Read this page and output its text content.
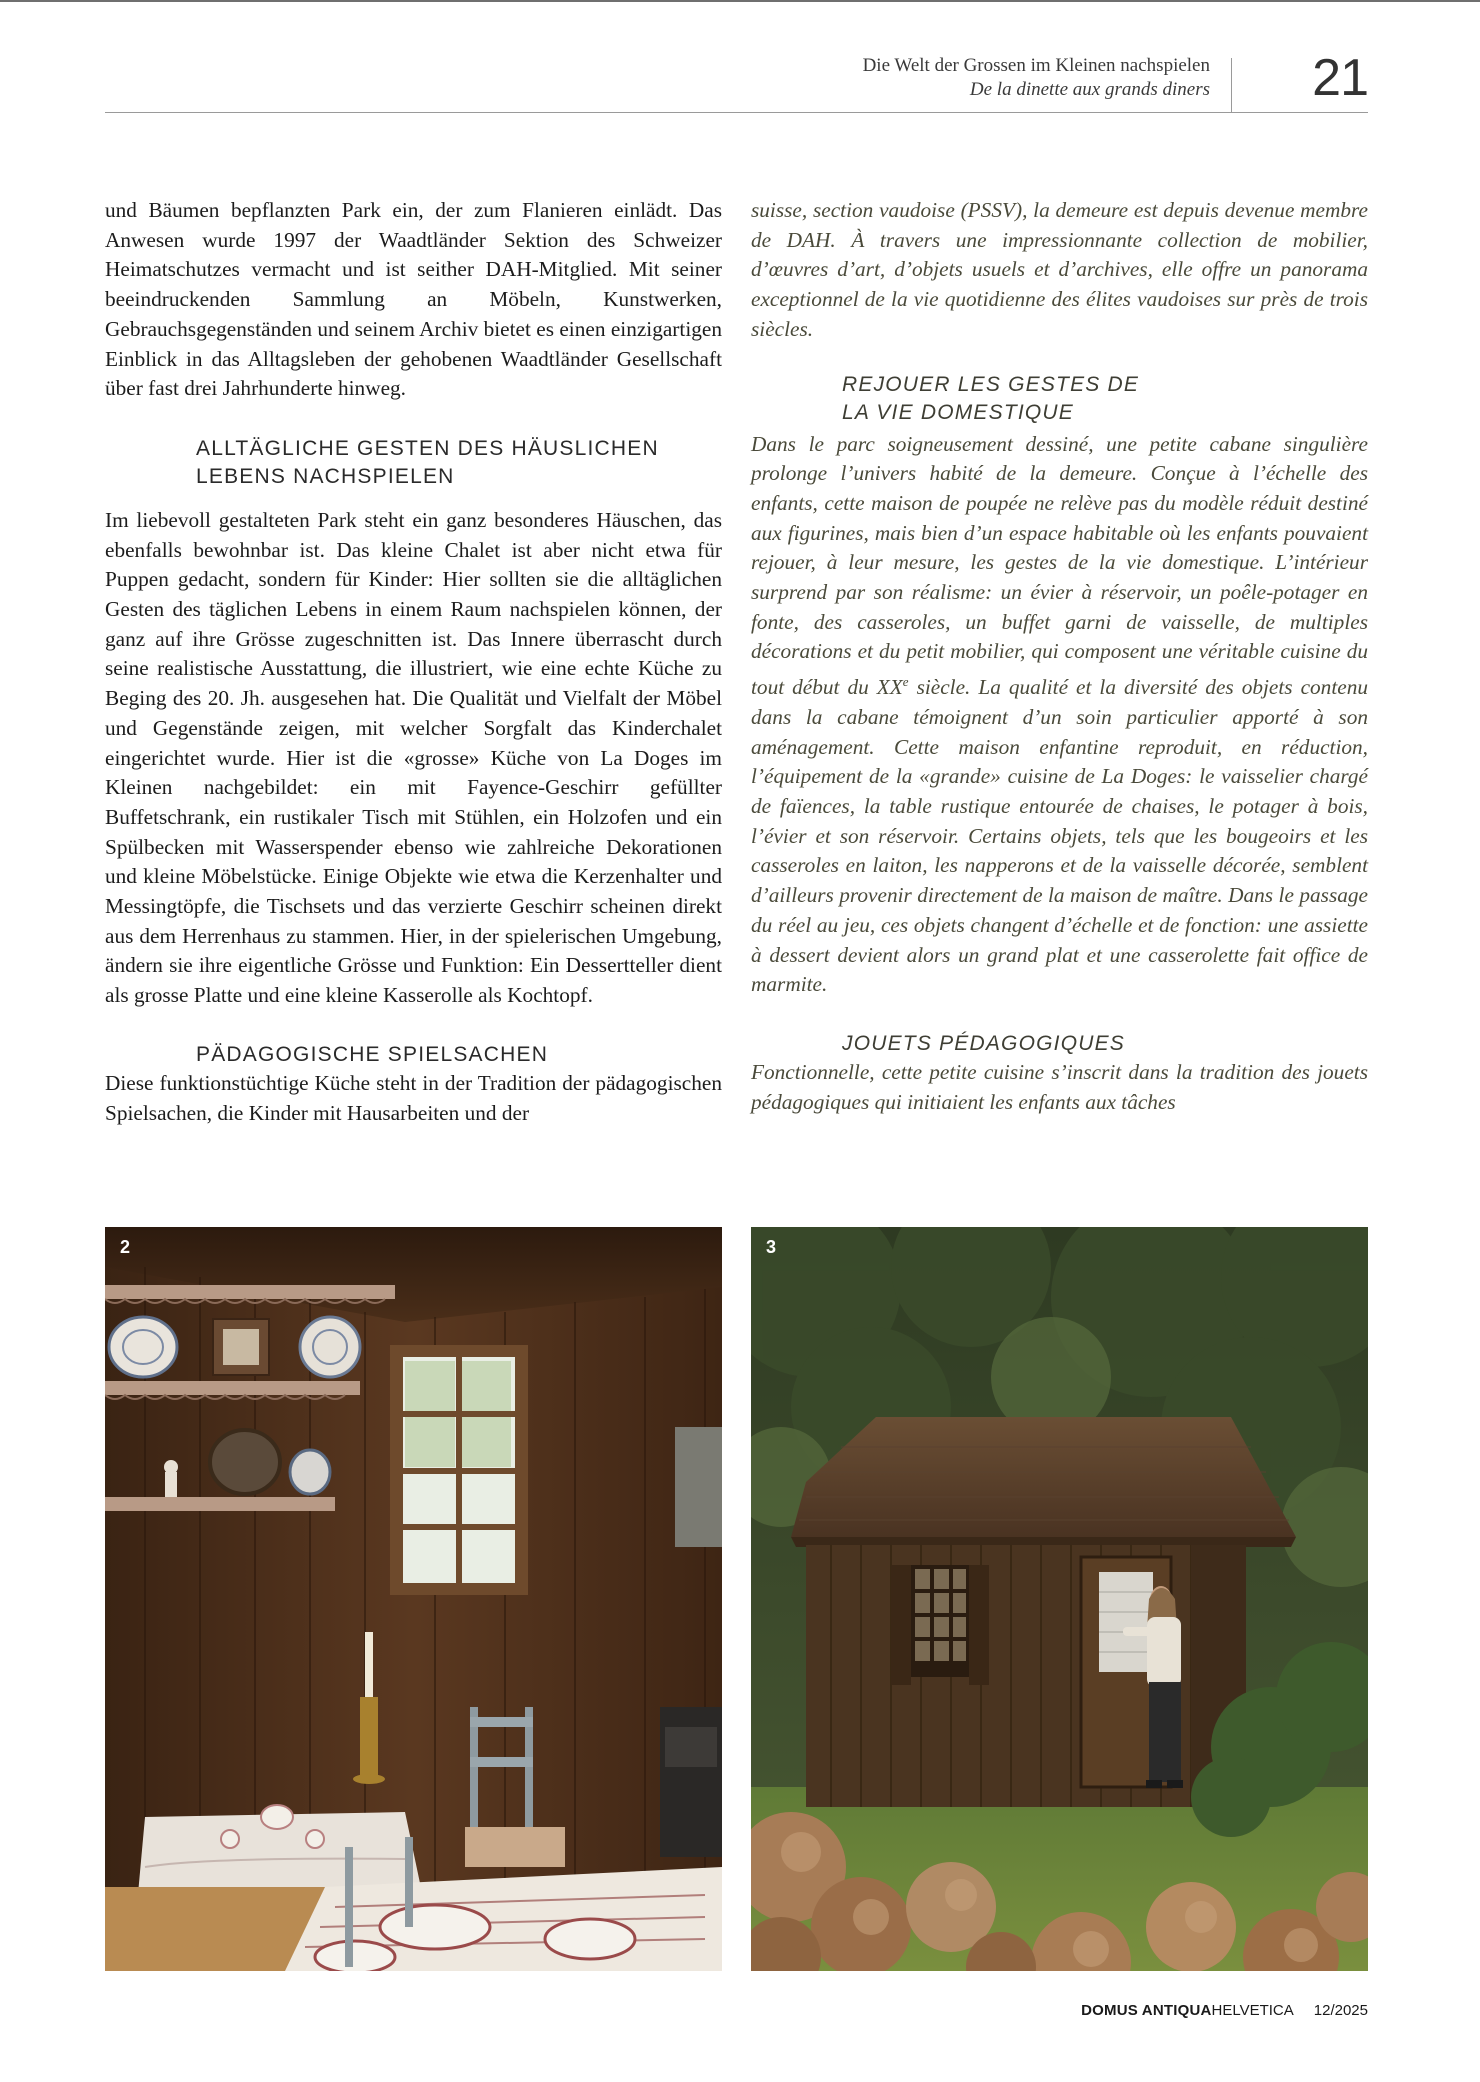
Die Welt der Grossen im Kleinen nachspielen
De la dinette aux grands diners 21

und Bäumen bepflanzten Park ein, der zum Flanieren einlädt. Das Anwesen wurde 1997 der Waadtländer Sektion des Schweizer Heimatschutzes vermacht und ist seither DAH-Mitglied. Mit seiner beeindruckenden Sammlung an Möbeln, Kunstwerken, Gebrauchsgegenständen und seinem Archiv bietet es einen einzigartigen Einblick in das Alltagsleben der gehobenen Waadtländer Gesellschaft über fast drei Jahrhunderte hinweg.

ALLTÄGLICHE GESTEN DES HÄUSLICHEN
LEBENS NACHSPIELEN

Im liebevoll gestalteten Park steht ein ganz besonderes Häuschen, das ebenfalls bewohnbar ist. Das kleine Chalet ist aber nicht etwa für Puppen gedacht, sondern für Kinder: Hier sollten sie die alltäglichen Gesten des täglichen Lebens in einem Raum nachspielen können, der ganz auf ihre Grösse zugeschnitten ist. Das Innere überrascht durch seine realistische Ausstattung, die illustriert, wie eine echte Küche zu Beging des 20. Jh. ausgesehen hat. Die Qualität und Vielfalt der Möbel und Gegenstände zeigen, mit welcher Sorgfalt das Kinderchalet eingerichtet wurde. Hier ist die «grosse» Küche von La Doges im Kleinen nachgebildet: ein mit Fayence-Geschirr gefüllter Buffetschrank, ein rustikaler Tisch mit Stühlen, ein Holzofen und ein Spülbecken mit Wasserspender ebenso wie zahlreiche Dekorationen und kleine Möbelstücke. Einige Objekte wie etwa die Kerzenhalter und Messingtöpfe, die Tischsets und das verzierte Geschirr scheinen direkt aus dem Herrenhaus zu stammen. Hier, in der spielerischen Umgebung, ändern sie ihre eigentliche Grösse und Funktion: Ein Dessertteller dient als grosse Platte und eine kleine Kasserolle als Kochtopf.

PÄDAGOGISCHE SPIELSACHEN

Diese funktionstüchtige Küche steht in der Tradition der pädagogischen Spielsachen, die Kinder mit Hausarbeiten und der

suisse, section vaudoise (PSSV), la demeure est depuis devenue membre de DAH. À travers une impressionnante collection de mobilier, d’œuvres d’art, d’objets usuels et d’archives, elle offre un panorama exceptionnel de la vie quotidienne des élites vaudoises sur près de trois siècles.

REJOUER LES GESTES DE
LA VIE DOMESTIQUE

Dans le parc soigneusement dessiné, une petite cabane singulière prolonge l’univers habité de la demeure. Conçue à l’échelle des enfants, cette maison de poupée ne relève pas du modèle réduit destiné aux figurines, mais bien d’un espace habitable où les enfants pouvaient rejouer, à leur mesure, les gestes de la vie domestique. L’intérieur surprend par son réalisme: un évier à réservoir, un poêle-potager en fonte, des casseroles, un buffet garni de vaisselle, de multiples décorations et du petit mobilier, qui composent une véritable cuisine du tout début du XXe siècle. La qualité et la diversité des objets contenu dans la cabane témoignent d’un soin particulier apporté à son aménagement. Cette maison enfantine reproduit, en réduction, l’équipement de la «grande» cuisine de La Doges: le vaisselier chargé de faïences, la table rustique entourée de chaises, le potager à bois, l’évier et son réservoir. Certains objets, tels que les bougeoirs et les casseroles en laiton, les napperons et de la vaisselle décorée, semblent d’ailleurs provenir directement de la maison de maître. Dans le passage du réel au jeu, ces objets changent d’échelle et de fonction: une assiette à dessert devient alors un grand plat et une casserolette fait office de marmite.

JOUETS PÉDAGOGIQUES

Fonctionnelle, cette petite cuisine s’inscrit dans la tradition des jouets pédagogiques qui initiaient les enfants aux tâches

2	3
DOMUS ANTIQUAHELVETICA 12/2025
